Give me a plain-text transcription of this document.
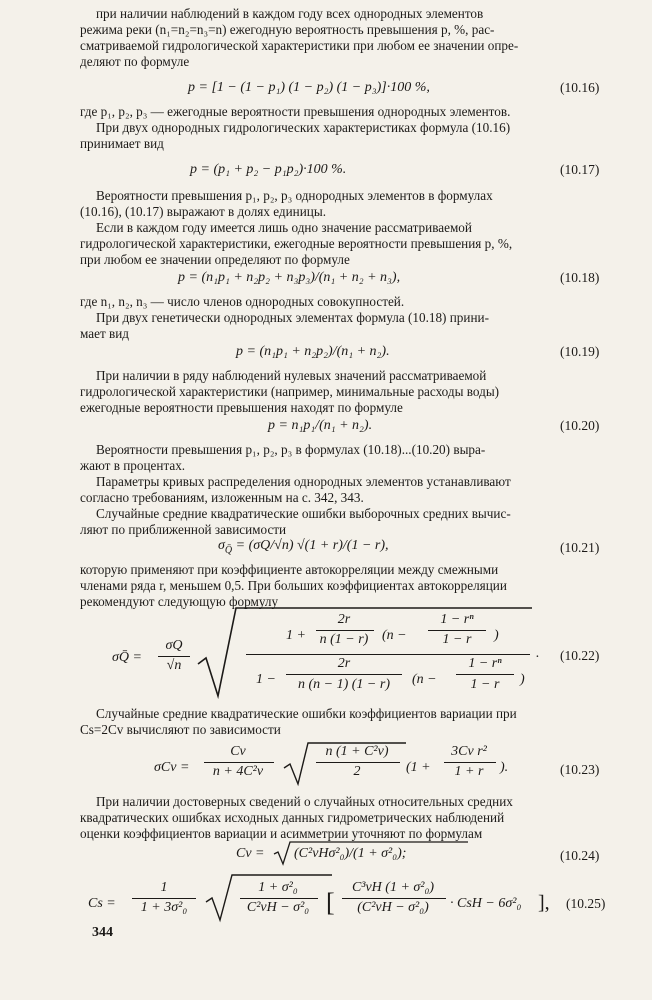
при наличии наблюдений в каждом году всех однородных элементов
режима реки (n₁=n₂=n₃=n) ежегодную вероятность превышения p, %, рас-
сматриваемой гидрологической характеристики при любом ее значении опре-
деляют по формуле
p = [1 − (1 − p₁) (1 − p₂) (1 − p₃)]·100 %,	(10.16)
где p₁, p₂, p₃ — ежегодные вероятности превышения однородных элементов.
При двух однородных гидрологических характеристиках формула (10.16)
принимает вид
p = (p₁ + p₂ − p₁p₂)·100 %.	(10.17)
Вероятности превышения p₁, p₂, p₃ однородных элементов в формулах
(10.16), (10.17) выражают в долях единицы.
Если в каждом году имеется лишь одно значение рассматриваемой
гидрологической характеристики, ежегодные вероятности превышения p, %,
при любом ее значении определяют по формуле
p = (n₁p₁ + n₂p₂ + n₃p₃)/(n₁ + n₂ + n₃),	(10.18)
где n₁, n₂, n₃ — число членов однородных совокупностей.
При двух генетически однородных элементах формула (10.18) прини-
мает вид
p = (n₁p₁ + n₂p₂)/(n₁ + n₂).	(10.19)
При наличии в ряду наблюдений нулевых значений рассматриваемой
гидрологической характеристики (например, минимальные расходы воды)
ежегодные вероятности превышения находят по формуле
p = n₁p₁/(n₁ + n₂).	(10.20)
Вероятности превышения p₁, p₂, p₃ в формулах (10.18)...(10.20) выра-
жают в процентах.
Параметры кривых распределения однородных элементов устанавливают
согласно требованиям, изложенным на с. 342, 343.
Случайные средние квадратические ошибки выборочных средних вычис-
ляют по приближенной зависимости
$\sigma_{Q̄} = (\sigma Q/√n) √(1 + r)/(1 - r)$,	(10.21)
которую применяют при коэффициенте автокорреляции между смежными
членами ряда r, меньшем 0,5. При больших коэффициентах автокорреляции
рекомендуют следующую формулу
σQ̄ =
σQ
√n
1 +
2r
n (1 − r) (n −
1 − rⁿ
1 − r	)
1 −
2r
n (n − 1) (1 − r)	(n −
1 − rⁿ
1 − r	)
. (10.22)
Случайные средние квадратические ошибки коэффициентов вариации при
Cs=2Cv вычисляют по зависимости
σCv =
Cv
n + 4C²v
n (1 + C²v)
2	(1 +
3Cv r²
1 + r	).	(10.23)
При наличии достоверных сведений о случайных относительных средних
квадратических ошибках исходных данных гидрометрических наблюдений
оценки коэффициентов вариации и асимметрии уточняют по формулам
Cv = (C²vHσ²₀)/(1 + σ²₀);	(10.24)
Cs =
1
1 + 3σ²₀
1 + σ²₀
C²vH − σ²₀ [
C³vH (1 + σ²₀)
(C²vH − σ²₀)	· CsH − 6σ²₀ ], (10.25)
344
